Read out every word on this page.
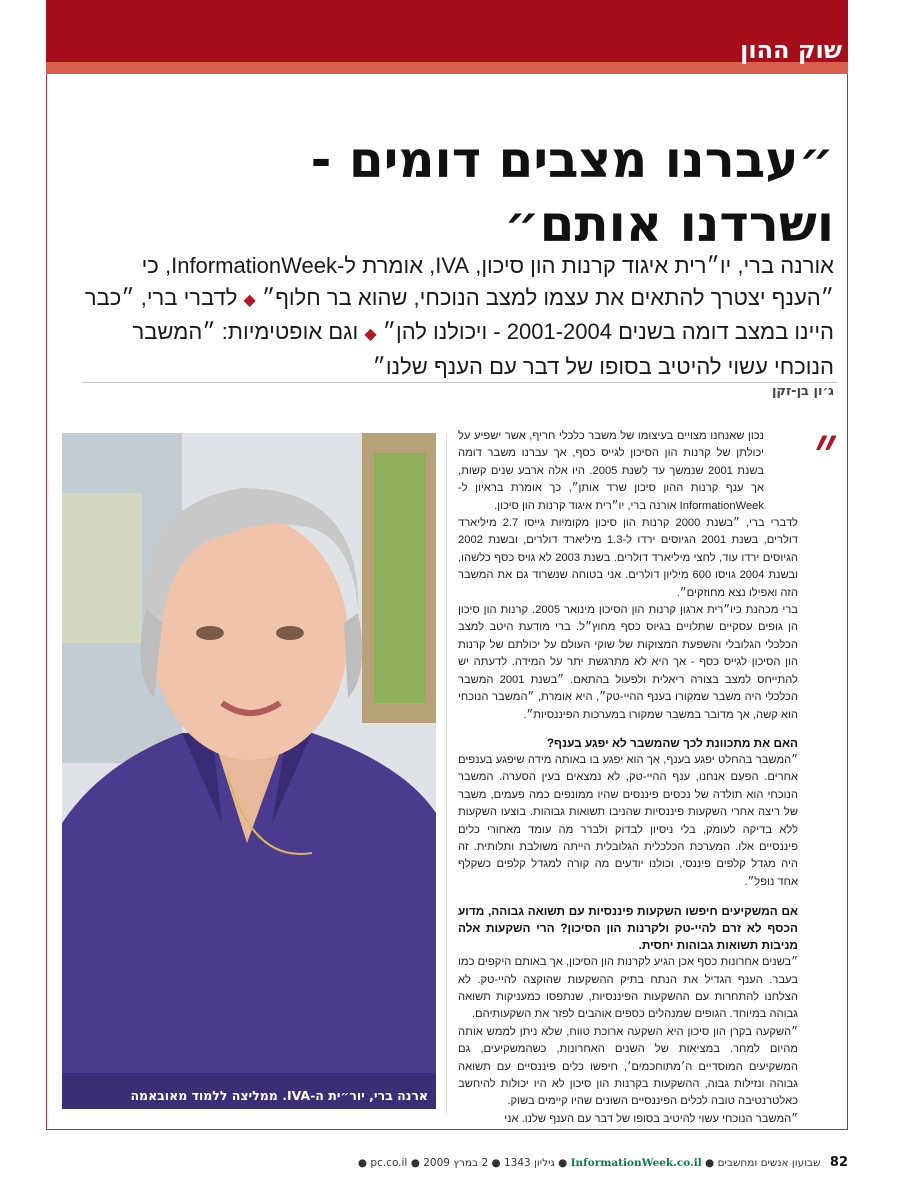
שוק ההון
״עברנו מצבים דומים -
ושרדנו אותם״
אורנה ברי, יו״רית איגוד קרנות הון סיכון, IVA, אומרת ל-InformationWeek, כי ״הענף יצטרך להתאים את עצמו למצב הנוכחי, שהוא בר חלוף״ ◆ לדברי ברי, ״כבר היינו במצב דומה בשנים 2001-2004 - ויכולנו להן״ ◆ וגם אופטימיות: ״המשבר הנוכחי עשוי להיטיב בסופו של דבר עם הענף שלנו״
ג׳ון בן-זקן
ארנה ברי, יור״ית ה-IVA. ממליצה ללמוד מאובאמה
״

נכון שאנחנו מצויים בעיצומו של משבר כלכלי חריף, אשר ישפיע על יכולתן של קרנות הון הסיכון לגייס כסף, אך עברנו משבר דומה בשנת 2001 שנמשך עד לשנת 2005. היו אלה ארבע שנים קשות, אך ענף קרנות ההון סיכון שרד אותן״, כך אומרת בראיון ל-InformationWeek אורנה ברי, יו״רית איגוד קרנות הון סיכון.

לדברי ברי, ״בשנת 2000 קרנות הון סיכון מקומיות גייסו 2.7 מיליארד דולרים, בשנת 2001 הגיוסים ירדו ל-1.3 מיליארד דולרים, ובשנת 2002 הגיוסים ירדו עוד, לחצי מיליארד דולרים. בשנת 2003 לא גויס כסף כלשהו, ובשנת 2004 גויסו 600 מיליון דולרים. אני בטוחה שנשרוד גם את המשבר הזה ואפילו נצא מחוזקים״.

ברי מכהנת כיו״רית ארגון קרנות הון הסיכון מינואר 2005. קרנות הון סיכון הן גופים עסקיים שתלויים בגיוס כסף מחוץ״ל. ברי מודעת היטב למצב הכלכלי הגלובלי והשפעת המצוקות של שוקי העולם על יכולתם של קרנות הון הסיכון לגייס כסף - אך היא לא מתרגשת יתר על המידה. לדעתה יש להתייחס למצב בצורה ריאלית ולפעול בהתאם. ״בשנת 2001 המשבר הכלכלי היה משבר שמקורו בענף ההיי-טק״, היא אומרת, ״המשבר הנוכחי הוא קשה, אך מדובר במשבר שמקורו במערכות הפיננסיות״.

האם את מתכוונת לכך שהמשבר לא יפגע בענף?

״המשבר בהחלט יפגע בענף, אך הוא יפגע בו באותה מידה שיפגע בענפים אחרים. הפעם אנחנו, ענף ההיי-טק, לא נמצאים בעין הסערה. המשבר הנוכחי הוא תולדה של נכסים פיננסים שהיו ממונפים כמה פעמים, משבר של ריצה אחרי השקעות פיננסיות שהניבו תשואות גבוהות. בוצעו השקעות ללא בדיקה לעומק, בלי ניסיון לבדוק ולברר מה עומד מאחורי כלים פיננסיים אלו. המערכת הכלכלית הגלובלית הייתה משולבת ותלותית. זה היה מגדל קלפים פיננסי, וכולנו יודעים מה קורה למגדל קלפים כשקלף אחד נופל״.

אם המשקיעים חיפשו השקעות פיננסיות עם תשואה גבוהה, מדוע הכסף לא זרם להיי-טק ולקרנות הון הסיכון? הרי השקעות אלה מניבות תשואות גבוהות יחסית.

״בשנים אחרונות כסף אכן הגיע לקרנות הון הסיכון, אך באותם היקפים כמו בעבר. הענף הגדיל את הנתח בתיק ההשקעות שהוקצה להיי-טק. לא הצלחנו להתחרות עם ההשקעות הפיננסיות, שנתפסו כמעניקות תשואה גבוהה במיוחד. הגופים שמנהלים כספים אוהבים לפזר את השקעותיהם.

״השקעה בקרן הון סיכון היא השקעה ארוכת טווח, שלא ניתן לממש אותה מהיום למחר. במציאות של השנים האחרונות, כשהמשקיעים, גם המשקיעים המוסדיים ה׳מתוחכמים׳, חיפשו כלים פיננסיים עם תשואה גבוהה ונזילות גבוה, ההשקעות בקרנות הון סיכון לא היו יכולות להיחשב כאלטרנטיבה טובה לכלים הפיננסיים השונים שהיו קיימים בשוק.

״המשבר הנוכחי עשוי להיטיב בסופו של דבר עם הענף שלנו. אני

82 שבועון אנשים ומחשבים ● InformationWeek.co.il ● גיליון 1343 ● 2 במרץ 2009 ● pc.co.il ●
